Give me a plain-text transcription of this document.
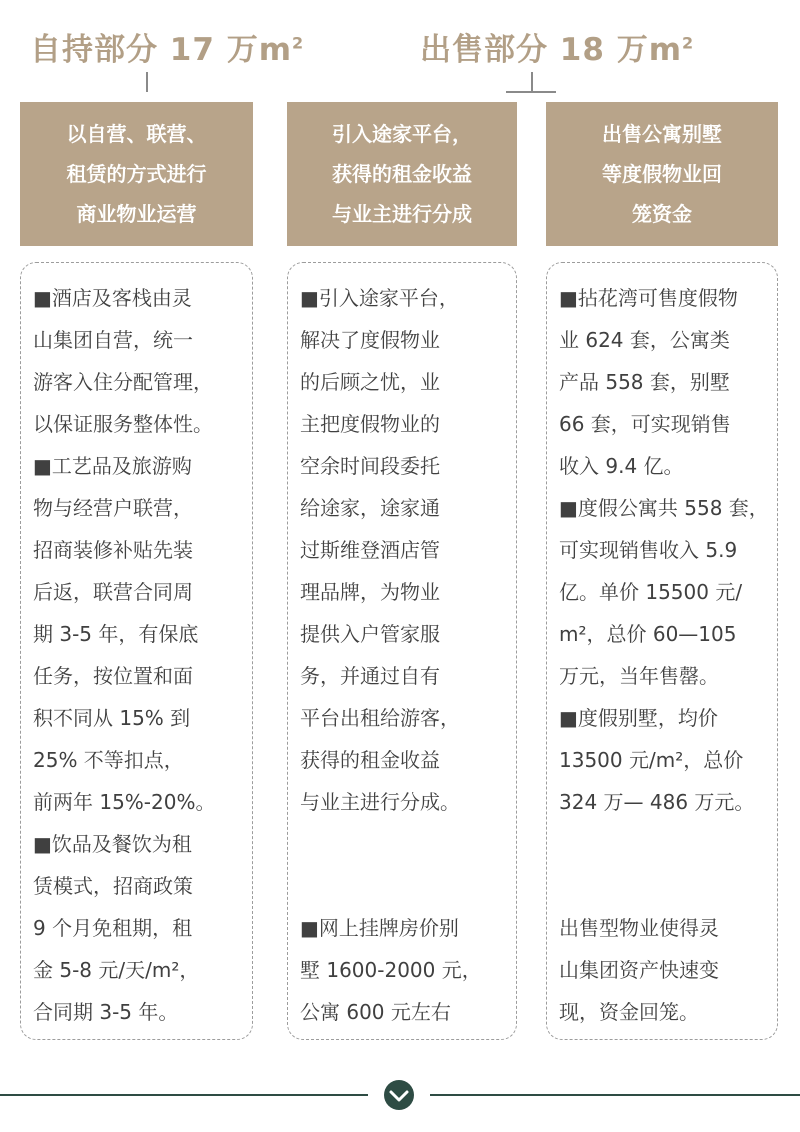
自持部分 17 万$m^2$	出售部分 18 万$m^2$
以自营、联营、
租赁的方式进行
商业物业运营
引入途家平台，
获得的租金收益
与业主进行分成
出售公寓别墅
等度假物业回
笼资金
■酒店及客栈由灵
山集团自营，统一
游客入住分配管理，
以保证服务整体性。
■工艺品及旅游购
物与经营户联营，
招商装修补贴先装
后返，联营合同周
期 3-5 年，有保底
任务，按位置和面
积不同从 15% 到
25% 不等扣点，
前两年 15%-20%。
■饮品及餐饮为租
赁模式，招商政策
9 个月免租期，租
金 5-8 元/天/m²，
合同期 3-5 年。
■引入途家平台，
解决了度假物业
的后顾之忧，业
主把度假物业的
空余时间段委托
给途家，途家通
过斯维登酒店管
理品牌，为物业
提供入户管家服
务，并通过自有
平台出租给游客，
获得的租金收益
与业主进行分成。
■网上挂牌房价别
墅 1600-2000 元，
公寓 600 元左右
■拈花湾可售度假物
业 624 套，公寓类
产品 558 套，别墅
66 套，可实现销售
收入 9.4 亿。
■度假公寓共 558 套，
可实现销售收入 5.9
亿。单价 15500 元/
m²，总价 60—105
万元，当年售罄。
■度假别墅，均价
13500 元/m²，总价
324 万— 486 万元。
出售型物业使得灵
山集团资产快速变
现，资金回笼。
